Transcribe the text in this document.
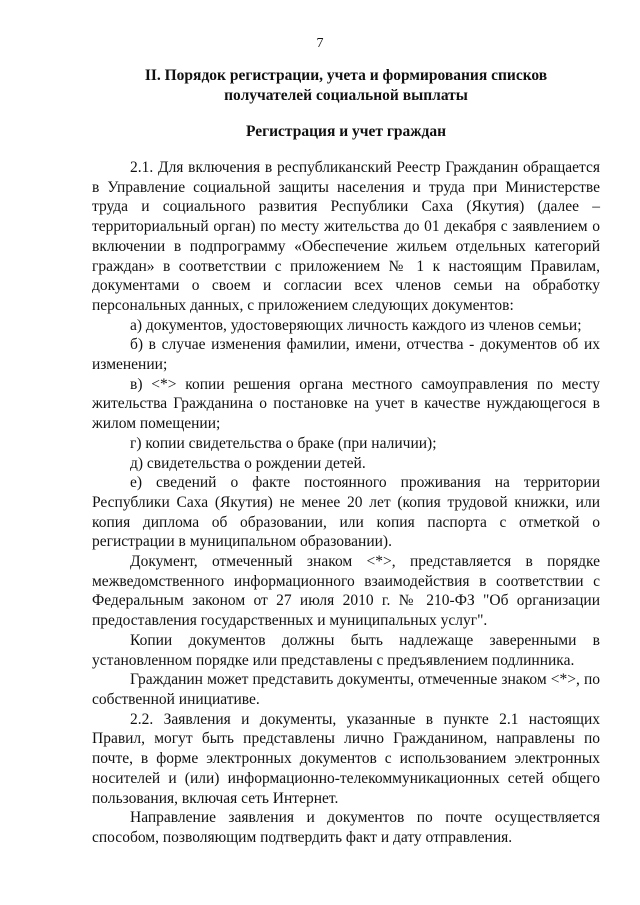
7
II. Порядок регистрации, учета и формирования списков
получателей социальной выплаты
Регистрация и учет граждан

2.1. Для включения в республиканский Реестр Гражданин обращается в Управление социальной защиты населения и труда при Министерстве труда и социального развития Республики Саха (Якутия) (далее – территориальный орган) по месту жительства до 01 декабря с заявлением о включении в подпрограмму «Обеспечение жильем отдельных категорий граждан» в соответствии с приложением № 1 к настоящим Правилам, документами о своем и согласии всех членов семьи на обработку персональных данных, с приложением следующих документов:

а) документов, удостоверяющих личность каждого из членов семьи;

б) в случае изменения фамилии, имени, отчества - документов об их изменении;

в) <*> копии решения органа местного самоуправления по месту жительства Гражданина о постановке на учет в качестве нуждающегося в жилом помещении;

г) копии свидетельства о браке (при наличии);

д) свидетельства о рождении детей.

е) сведений о факте постоянного проживания на территории Республики Саха (Якутия) не менее 20 лет (копия трудовой книжки, или копия диплома об образовании, или копия паспорта с отметкой о регистрации в муниципальном образовании).

Документ, отмеченный знаком <*>, представляется в порядке межведомственного информационного взаимодействия в соответствии с Федеральным законом от 27 июля 2010 г. № 210-ФЗ "Об организации предоставления государственных и муниципальных услуг".

Копии документов должны быть надлежаще заверенными в установленном порядке или представлены с предъявлением подлинника.

Гражданин может представить документы, отмеченные знаком <*>, по собственной инициативе.

2.2. Заявления и документы, указанные в пункте 2.1 настоящих Правил, могут быть представлены лично Гражданином, направлены по почте, в форме электронных документов с использованием электронных носителей и (или) информационно-телекоммуникационных сетей общего пользования, включая сеть Интернет.

Направление заявления и документов по почте осуществляется способом, позволяющим подтвердить факт и дату отправления.
